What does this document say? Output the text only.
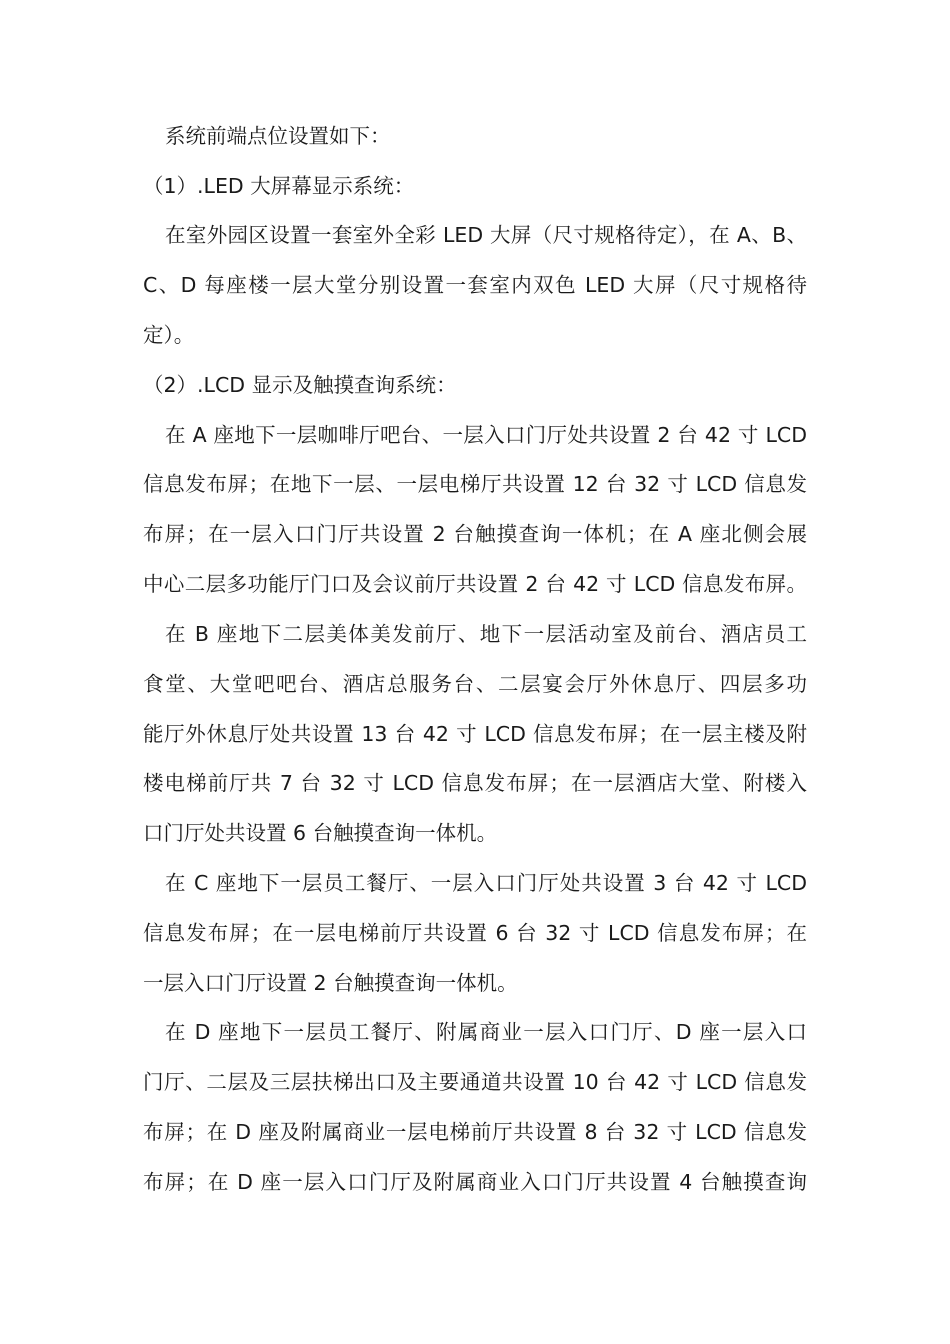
系统前端点位设置如下：
（1）.LED 大屏幕显示系统：
在室外园区设置一套室外全彩 LED 大屏（尺寸规格待定），在 A、B、
C、D 每座楼一层大堂分别设置一套室内双色 LED 大屏（尺寸规格待
定）。
（2）.LCD 显示及触摸查询系统：
在 A 座地下一层咖啡厅吧台、一层入口门厅处共设置 2 台 42 寸 LCD
信息发布屏；在地下一层、一层电梯厅共设置 12 台 32 寸 LCD 信息发
布屏；在一层入口门厅共设置 2 台触摸查询一体机；在 A 座北侧会展
中心二层多功能厅门口及会议前厅共设置 2 台 42 寸 LCD 信息发布屏。
在 B 座地下二层美体美发前厅、地下一层活动室及前台、酒店员工
食堂、大堂吧吧台、酒店总服务台、二层宴会厅外休息厅、四层多功
能厅外休息厅处共设置 13 台 42 寸 LCD 信息发布屏；在一层主楼及附
楼电梯前厅共 7 台 32 寸 LCD 信息发布屏；在一层酒店大堂、附楼入
口门厅处共设置 6 台触摸查询一体机。
在 C 座地下一层员工餐厅、一层入口门厅处共设置 3 台 42 寸 LCD
信息发布屏；在一层电梯前厅共设置 6 台 32 寸 LCD 信息发布屏；在
一层入口门厅设置 2 台触摸查询一体机。
在 D 座地下一层员工餐厅、附属商业一层入口门厅、D 座一层入口
门厅、二层及三层扶梯出口及主要通道共设置 10 台 42 寸 LCD 信息发
布屏；在 D 座及附属商业一层电梯前厅共设置 8 台 32 寸 LCD 信息发
布屏；在 D 座一层入口门厅及附属商业入口门厅共设置 4 台触摸查询
